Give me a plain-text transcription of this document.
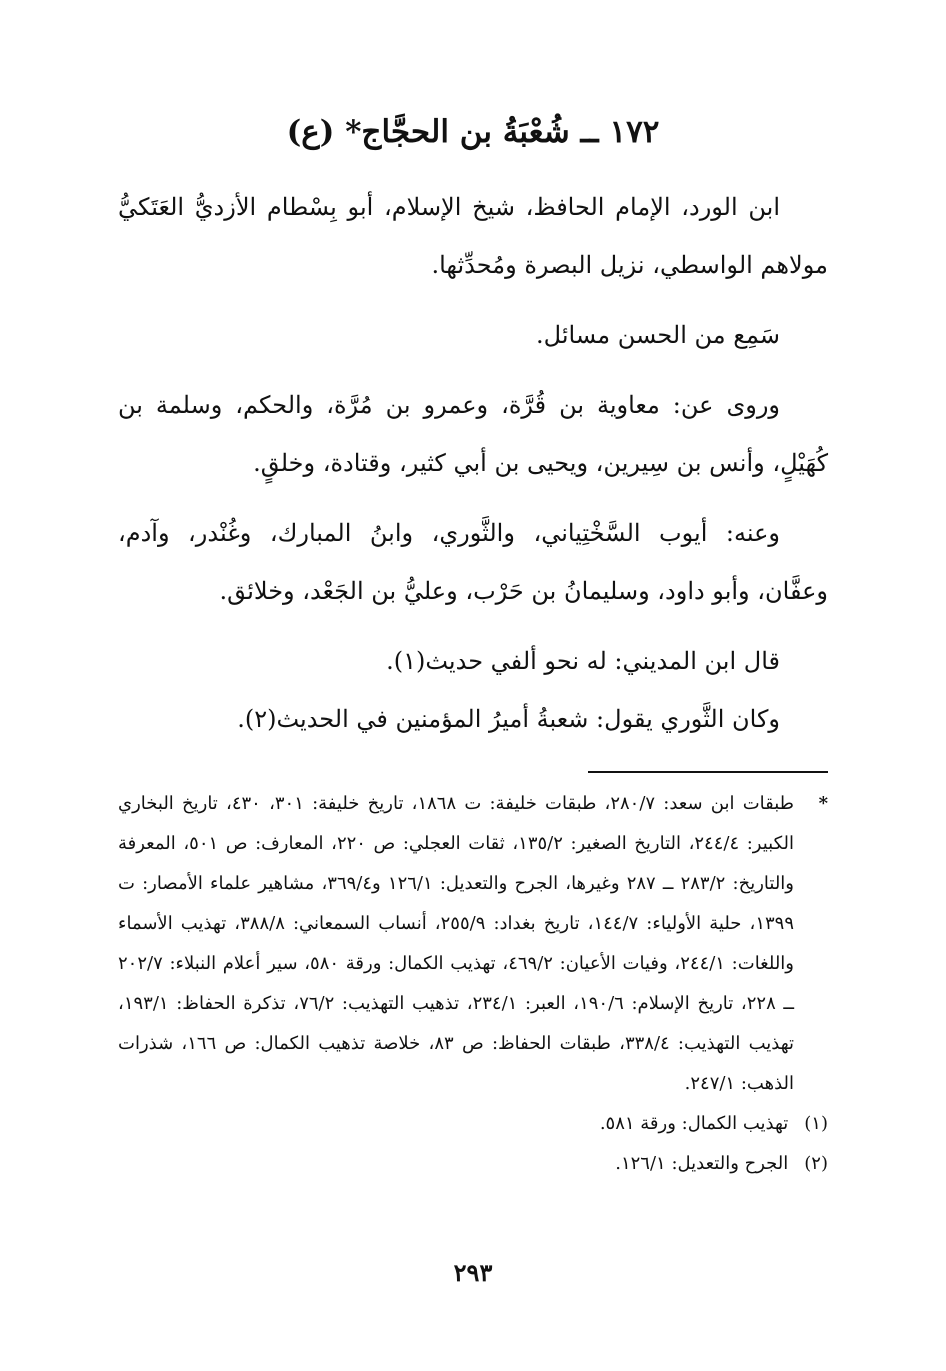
١٧٢ ــ شُعْبَةُ بن الحجَّاج* (ع)

ابن الورد، الإمام الحافظ، شيخ الإسلام، أبو بِسْطام الأزديُّ العَتَكيُّ مولاهم الواسطي، نزيل البصرة ومُحدِّثها.

سَمِع من الحسن مسائل.

وروى عن: معاوية بن قُرَّة، وعمرو بن مُرَّة، والحكم، وسلمة بن كُهَيْلٍ، وأنس بن سِيرين، ويحيى بن أبي كثير، وقتادة، وخلقٍ.

وعنه: أيوب السَّخْتِياني، والثَّوري، وابنُ المبارك، وغُنْدر، وآدم، وعفَّان، وأبو داود، وسليمانُ بن حَرْب، وعليُّ بن الجَعْد، وخلائق.

قال ابن المديني: له نحو ألفي حديث(١).

وكان الثَّوري يقول: شعبةُ أميرُ المؤمنين في الحديث(٢).

*
طبقات ابن سعد: ٢٨٠/٧، طبقات خليفة: ت ١٨٦٨، تاريخ خليفة: ٣٠١، ٤٣٠، تاريخ البخاري الكبير: ٢٤٤/٤، التاريخ الصغير: ١٣٥/٢، ثقات العجلي: ص ٢٢٠، المعارف: ص ٥٠١، المعرفة والتاريخ: ٢٨٣/٢ ــ ٢٨٧ وغيرها، الجرح والتعديل: ١٢٦/١ و٣٦٩/٤، مشاهير علماء الأمصار: ت ١٣٩٩، حلية الأولياء: ١٤٤/٧، تاريخ بغداد: ٢٥٥/٩، أنساب السمعاني: ٣٨٨/٨، تهذيب الأسماء واللغات: ٢٤٤/١، وفيات الأعيان: ٤٦٩/٢، تهذيب الكمال: ورقة ٥٨٠، سير أعلام النبلاء: ٢٠٢/٧ ــ ٢٢٨، تاريخ الإسلام: ١٩٠/٦، العبر: ٢٣٤/١، تذهيب التهذيب: ٧٦/٢، تذكرة الحفاظ: ١٩٣/١، تهذيب التهذيب: ٣٣٨/٤، طبقات الحفاظ: ص ٨٣، خلاصة تذهيب الكمال: ص ١٦٦، شذرات الذهب: ٢٤٧/١.

(١) تهذيب الكمال: ورقة ٥٨١.

(٢) الجرح والتعديل: ١٢٦/١.

٢٩٣
